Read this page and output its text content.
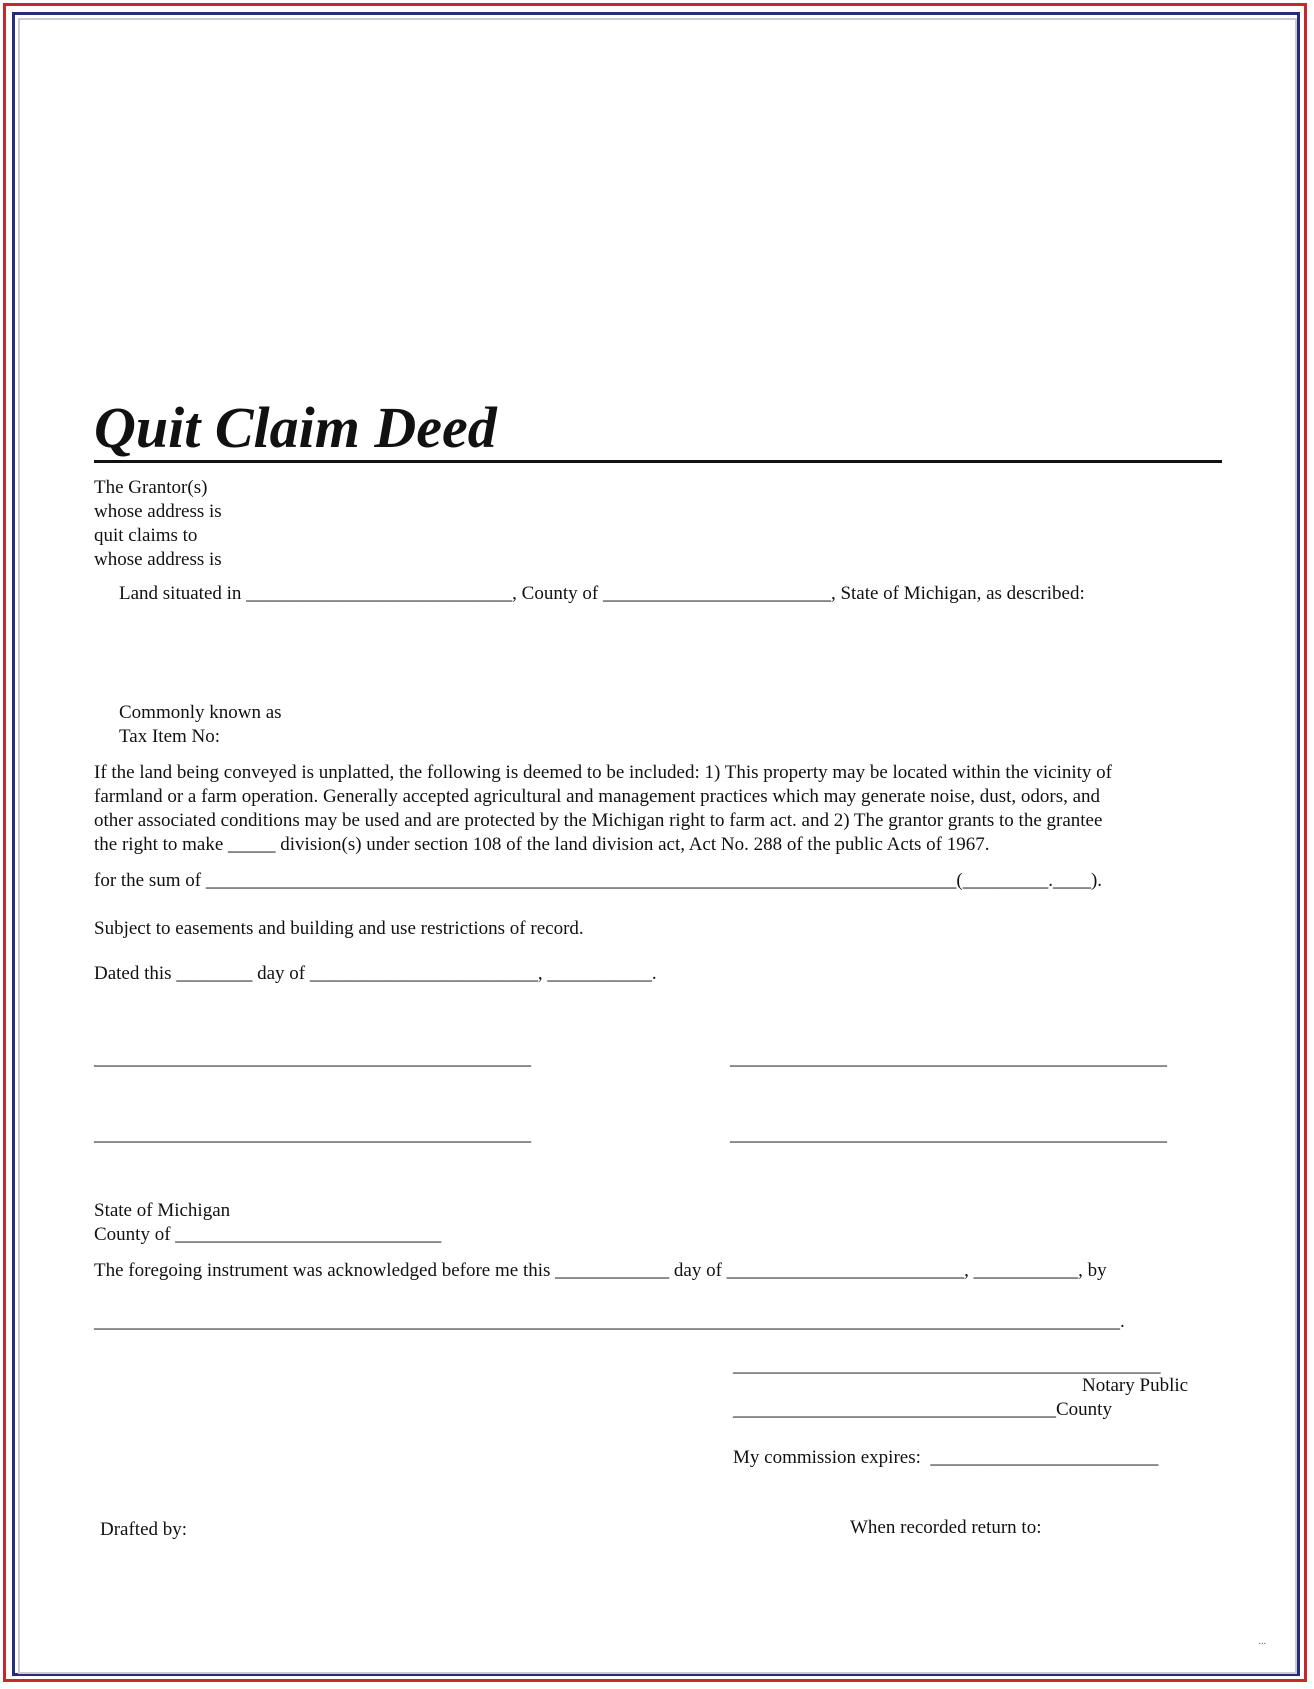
Quit Claim Deed
The Grantor(s)
whose address is
quit claims to
whose address is
Land situated in ____________________________, County of ________________________, State of Michigan, as described:
Commonly known as
Tax Item No:
If the land being conveyed is unplatted, the following is deemed to be included: 1) This property may be located within the vicinity of
farmland or a farm operation. Generally accepted agricultural and management practices which may generate noise, dust, odors, and
other associated conditions may be used and are protected by the Michigan right to farm act. and 2) The grantor grants to the grantee
the right to make _____ division(s) under section 108 of the land division act, Act No. 288 of the public Acts of 1967.
for the sum of _______________________________________________________________________________(_________.____).
Subject to easements and building and use restrictions of record.
Dated this ________ day of ________________________, ___________.
______________________________________________	______________________________________________
______________________________________________	______________________________________________
State of Michigan
County of ____________________________
The foregoing instrument was acknowledged before me this ____________ day of _________________________, ___________, by
____________________________________________________________________________________________________________.
_____________________________________________
Notary Public
__________________________________County
My commission expires:  ________________________
Drafted by:	When recorded return to:
...
